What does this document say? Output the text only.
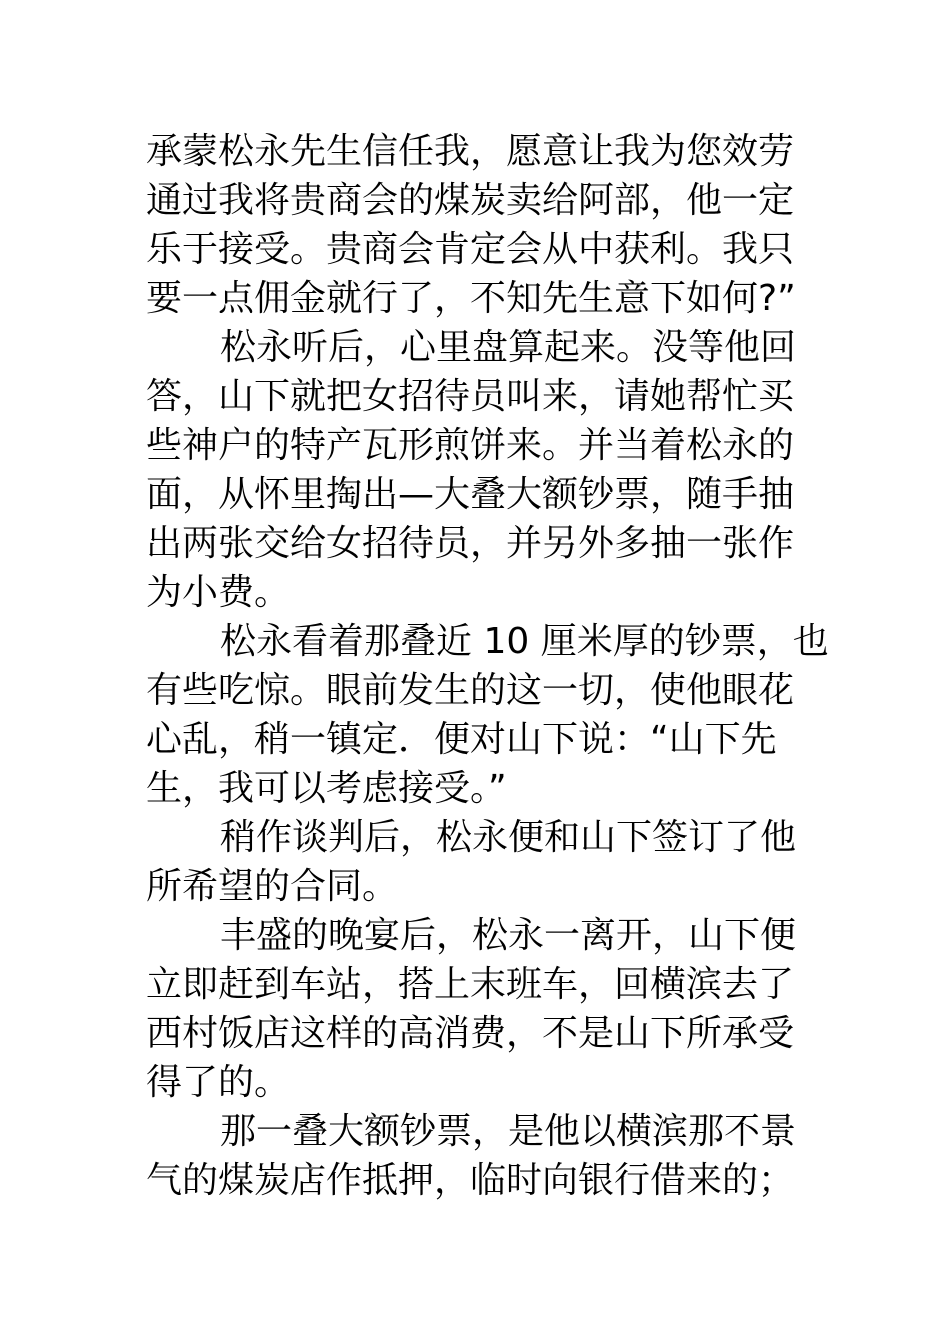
承蒙松永先生信任我，愿意让我为您效劳
通过我将贵商会的煤炭卖给阿部，他一定
乐于接受。贵商会肯定会从中获利。我只
要一点佣金就行了，不知先生意下如何?”
松永听后，心里盘算起来。没等他回
答，山下就把女招待员叫来，请她帮忙买
些神户的特产瓦形煎饼来。并当着松永的
面，从怀里掏出—大叠大额钞票，随手抽
出两张交给女招待员，并另外多抽一张作
为小费。
松永看着那叠近 10 厘米厚的钞票，也
有些吃惊。眼前发生的这一切，使他眼花
心乱，稍一镇定．便对山下说：“山下先
生，我可以考虑接受。”
稍作谈判后，松永便和山下签订了他
所希望的合同。
丰盛的晚宴后，松永一离开，山下便
立即赶到车站，搭上末班车，回横滨去了
西村饭店这样的高消费，不是山下所承受
得了的。
那一叠大额钞票，是他以横滨那不景
气的煤炭店作抵押，临时向银行借来的；
